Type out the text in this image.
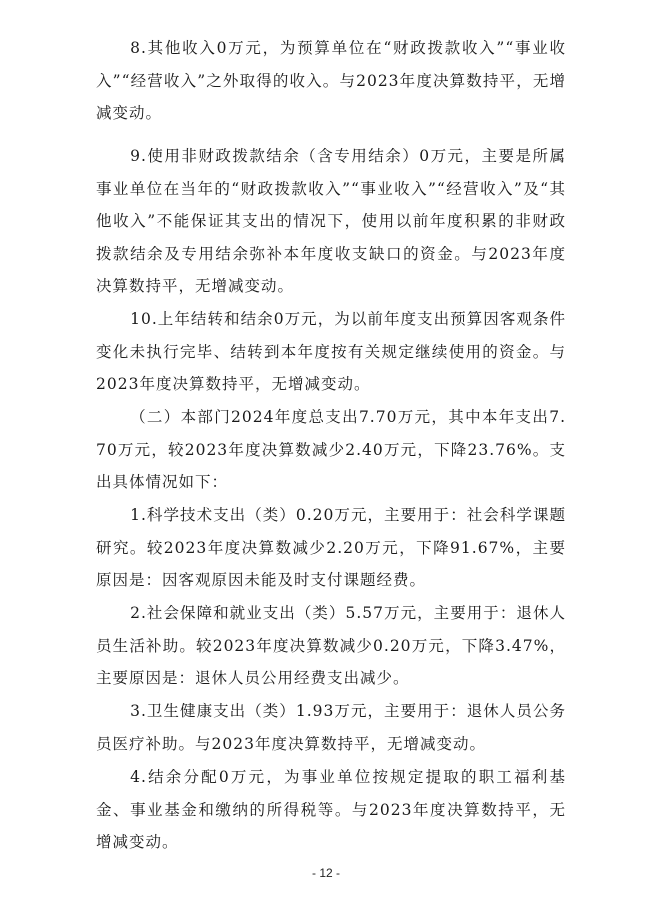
8.其他收入0万元，为预算单位在“财政拨款收入”“事业收入”“经营收入”之外取得的收入。与2023年度决算数持平，无增减变动。

9.使用非财政拨款结余（含专用结余）0万元，主要是所属事业单位在当年的“财政拨款收入”“事业收入”“经营收入”及“其他收入”不能保证其支出的情况下，使用以前年度积累的非财政拨款结余及专用结余弥补本年度收支缺口的资金。与2023年度决算数持平，无增减变动。

10.上年结转和结余0万元，为以前年度支出预算因客观条件变化未执行完毕、结转到本年度按有关规定继续使用的资金。与2023年度决算数持平，无增减变动。

（二）本部门2024年度总支出7.70万元，其中本年支出7.70万元，较2023年度决算数减少2.40万元，下降23.76%。支出具体情况如下：

1.科学技术支出（类）0.20万元，主要用于：社会科学课题研究。较2023年度决算数减少2.20万元，下降91.67%，主要原因是：因客观原因未能及时支付课题经费。

2.社会保障和就业支出（类）5.57万元，主要用于：退休人员生活补助。较2023年度决算数减少0.20万元，下降3.47%，主要原因是：退休人员公用经费支出减少。

3.卫生健康支出（类）1.93万元，主要用于：退休人员公务员医疗补助。与2023年度决算数持平，无增减变动。

4.结余分配0万元，为事业单位按规定提取的职工福利基金、事业基金和缴纳的所得税等。与2023年度决算数持平，无增减变动。

- 12 -
